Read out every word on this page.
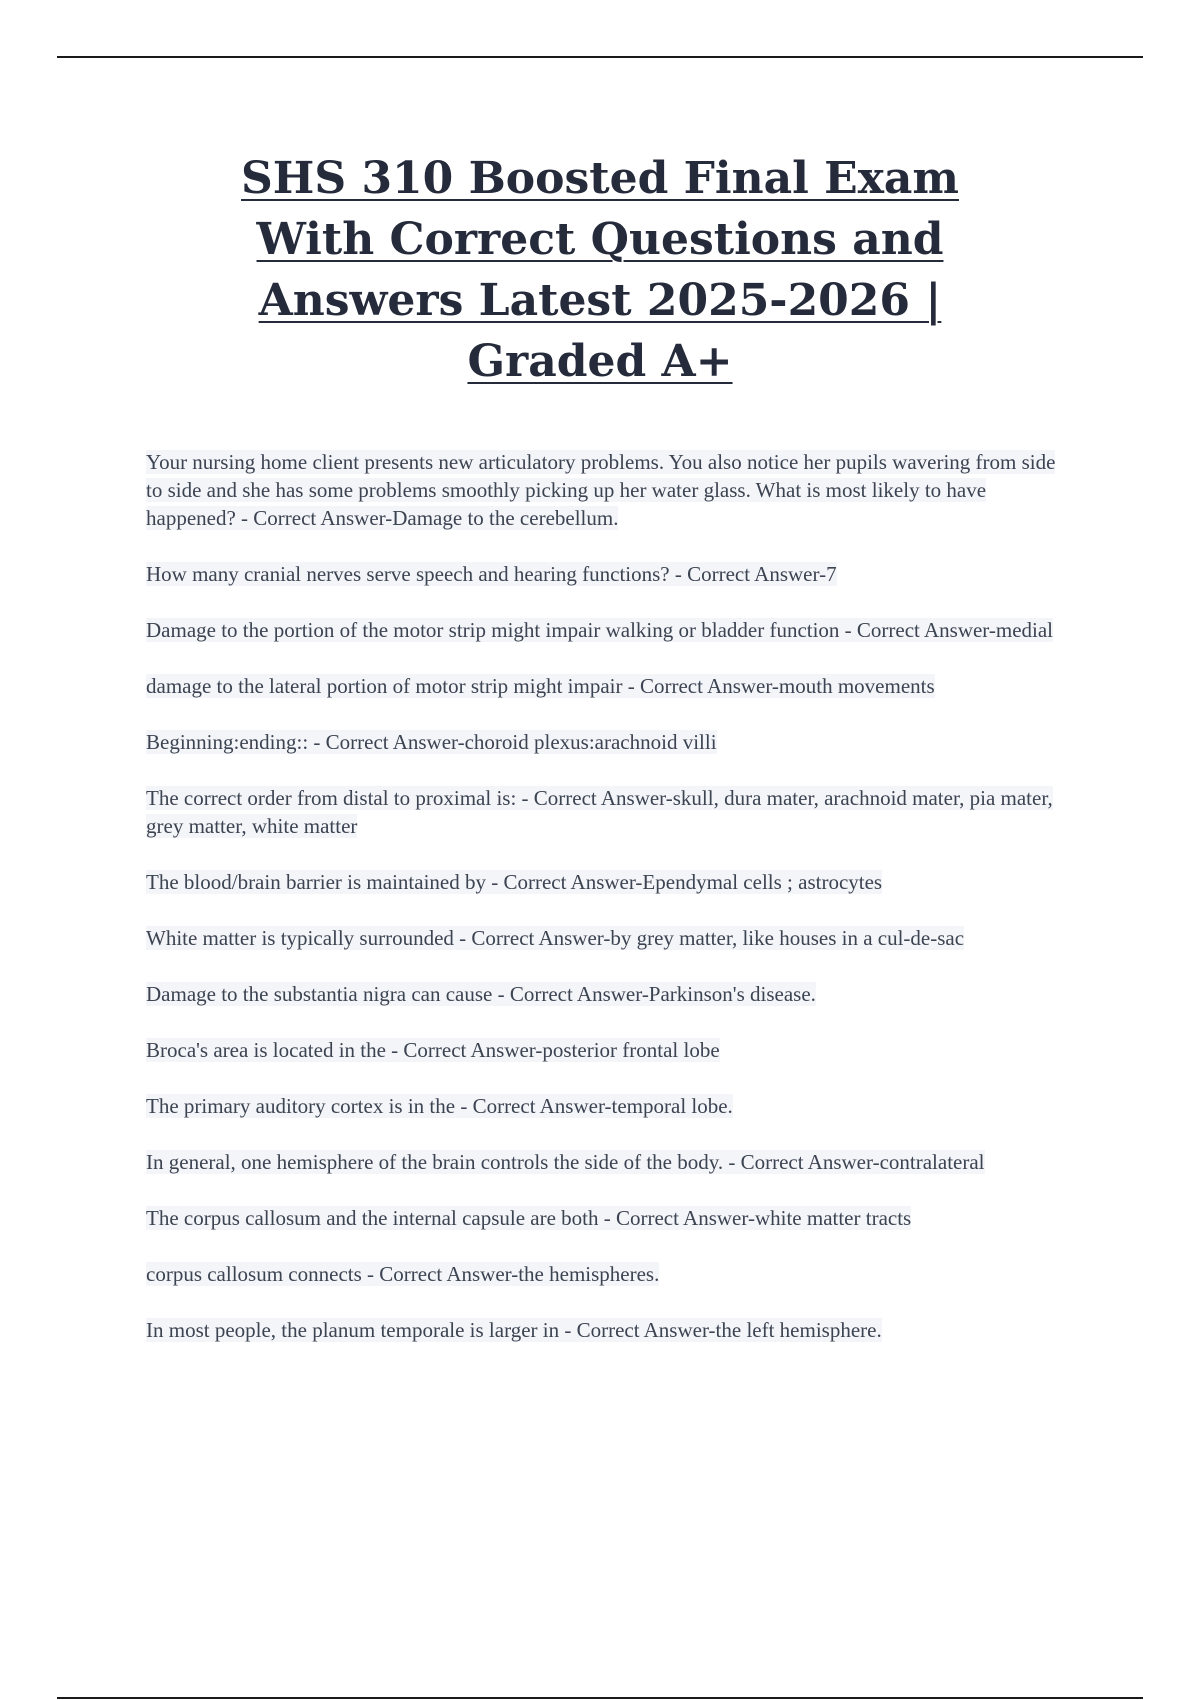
SHS 310 Boosted Final Exam
With Correct Questions and
Answers Latest 2025-2026 |
Graded A+
Your nursing home client presents new articulatory problems. You also notice her pupils wavering from side to side and she has some problems smoothly picking up her water glass. What is most likely to have happened? - Correct Answer-Damage to the cerebellum.
How many cranial nerves serve speech and hearing functions? - Correct Answer-7
Damage to the portion of the motor strip might impair walking or bladder function - Correct Answer-medial
damage to the lateral portion of motor strip might impair - Correct Answer-mouth movements
Beginning:ending:: - Correct Answer-choroid plexus:arachnoid villi
The correct order from distal to proximal is: - Correct Answer-skull, dura mater, arachnoid mater, pia mater, grey matter, white matter
The blood/brain barrier is maintained by - Correct Answer-Ependymal cells ; astrocytes
White matter is typically surrounded - Correct Answer-by grey matter, like houses in a cul-de-sac
Damage to the substantia nigra can cause - Correct Answer-Parkinson's disease.
Broca's area is located in the - Correct Answer-posterior frontal lobe
The primary auditory cortex is in the - Correct Answer-temporal lobe.
In general, one hemisphere of the brain controls the side of the body. - Correct Answer-contralateral
The corpus callosum and the internal capsule are both - Correct Answer-white matter tracts
corpus callosum connects - Correct Answer-the hemispheres.
In most people, the planum temporale is larger in - Correct Answer-the left hemisphere.
